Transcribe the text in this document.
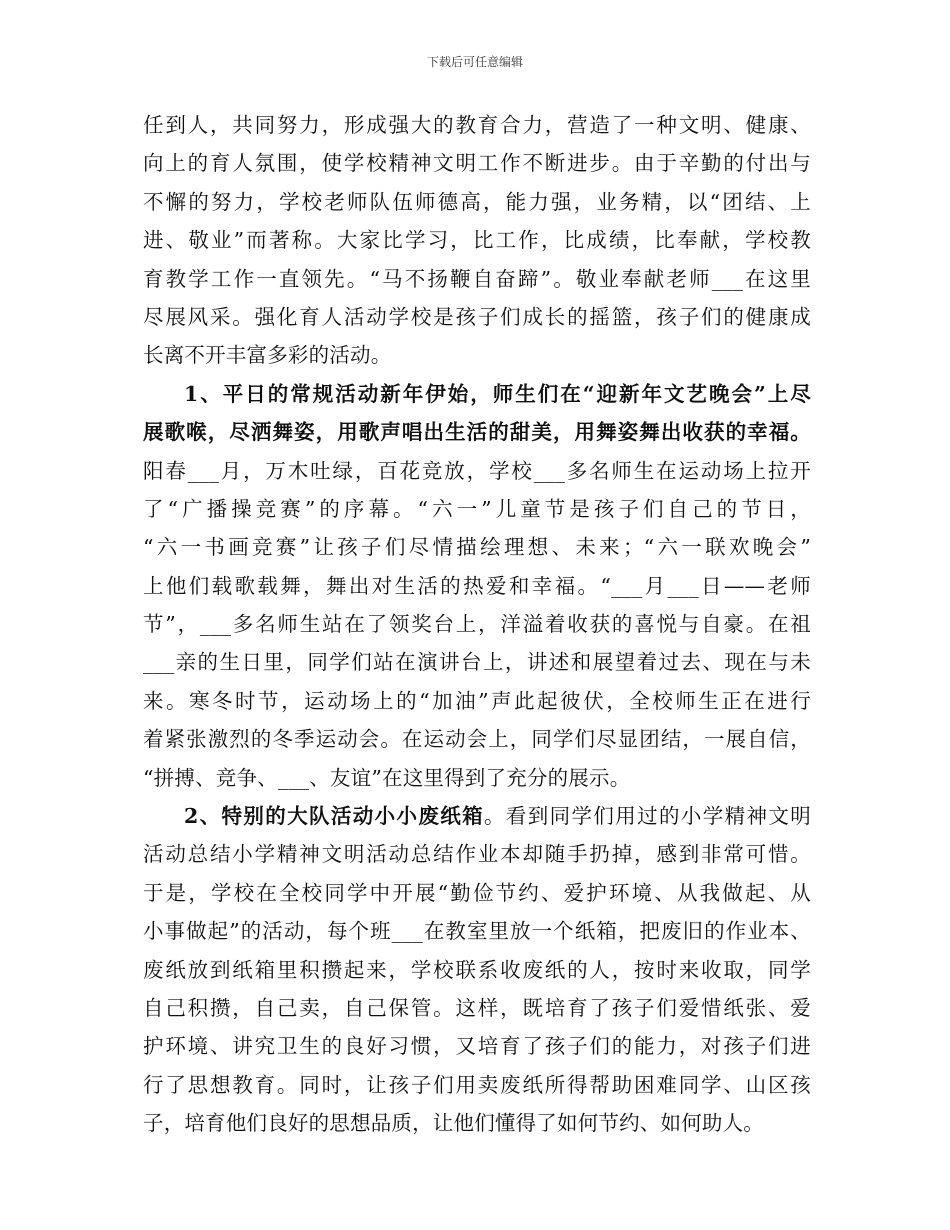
下载后可任意编辑
任到人，共同努力，形成强大的教育合力，营造了一种文明、健康、
向上的育人氛围，使学校精神文明工作不断进步。由于辛勤的付出与
不懈的努力，学校老师队伍师德高，能力强，业务精，以“团结、上
进、敬业”而著称。大家比学习，比工作，比成绩，比奉献，学校教
育教学工作一直领先。“马不扬鞭自奋蹄”。敬业奉献老师___在这里
尽展风采。强化育人活动学校是孩子们成长的摇篮，孩子们的健康成
长离不开丰富多彩的活动。
1、平日的常规活动新年伊始，师生们在“迎新年文艺晚会”上尽
展歌喉，尽洒舞姿，用歌声唱出生活的甜美，用舞姿舞出收获的幸福。
阳春___月，万木吐绿，百花竞放，学校___多名师生在运动场上拉开
了“广播操竞赛”的序幕。“六一”儿童节是孩子们自己的节日，
“六一书画竞赛”让孩子们尽情描绘理想、未来；“六一联欢晚会”
上他们载歌载舞，舞出对生活的热爱和幸福。“___月___日——老师
节”，___多名师生站在了领奖台上，洋溢着收获的喜悦与自豪。在祖
___亲的生日里，同学们站在演讲台上，讲述和展望着过去、现在与未
来。寒冬时节，运动场上的“加油”声此起彼伏，全校师生正在进行
着紧张激烈的冬季运动会。在运动会上，同学们尽显团结，一展自信，
“拼搏、竞争、___、友谊”在这里得到了充分的展示。
2、特别的大队活动小小废纸箱。看到同学们用过的小学精神文明
活动总结小学精神文明活动总结作业本却随手扔掉，感到非常可惜。
于是，学校在全校同学中开展“勤俭节约、爱护环境、从我做起、从
小事做起”的活动，每个班___在教室里放一个纸箱，把废旧的作业本、
废纸放到纸箱里积攒起来，学校联系收废纸的人，按时来收取，同学
自己积攒，自己卖，自己保管。这样，既培育了孩子们爱惜纸张、爱
护环境、讲究卫生的良好习惯，又培育了孩子们的能力，对孩子们进
行了思想教育。同时，让孩子们用卖废纸所得帮助困难同学、山区孩
子，培育他们良好的思想品质，让他们懂得了如何节约、如何助人。
